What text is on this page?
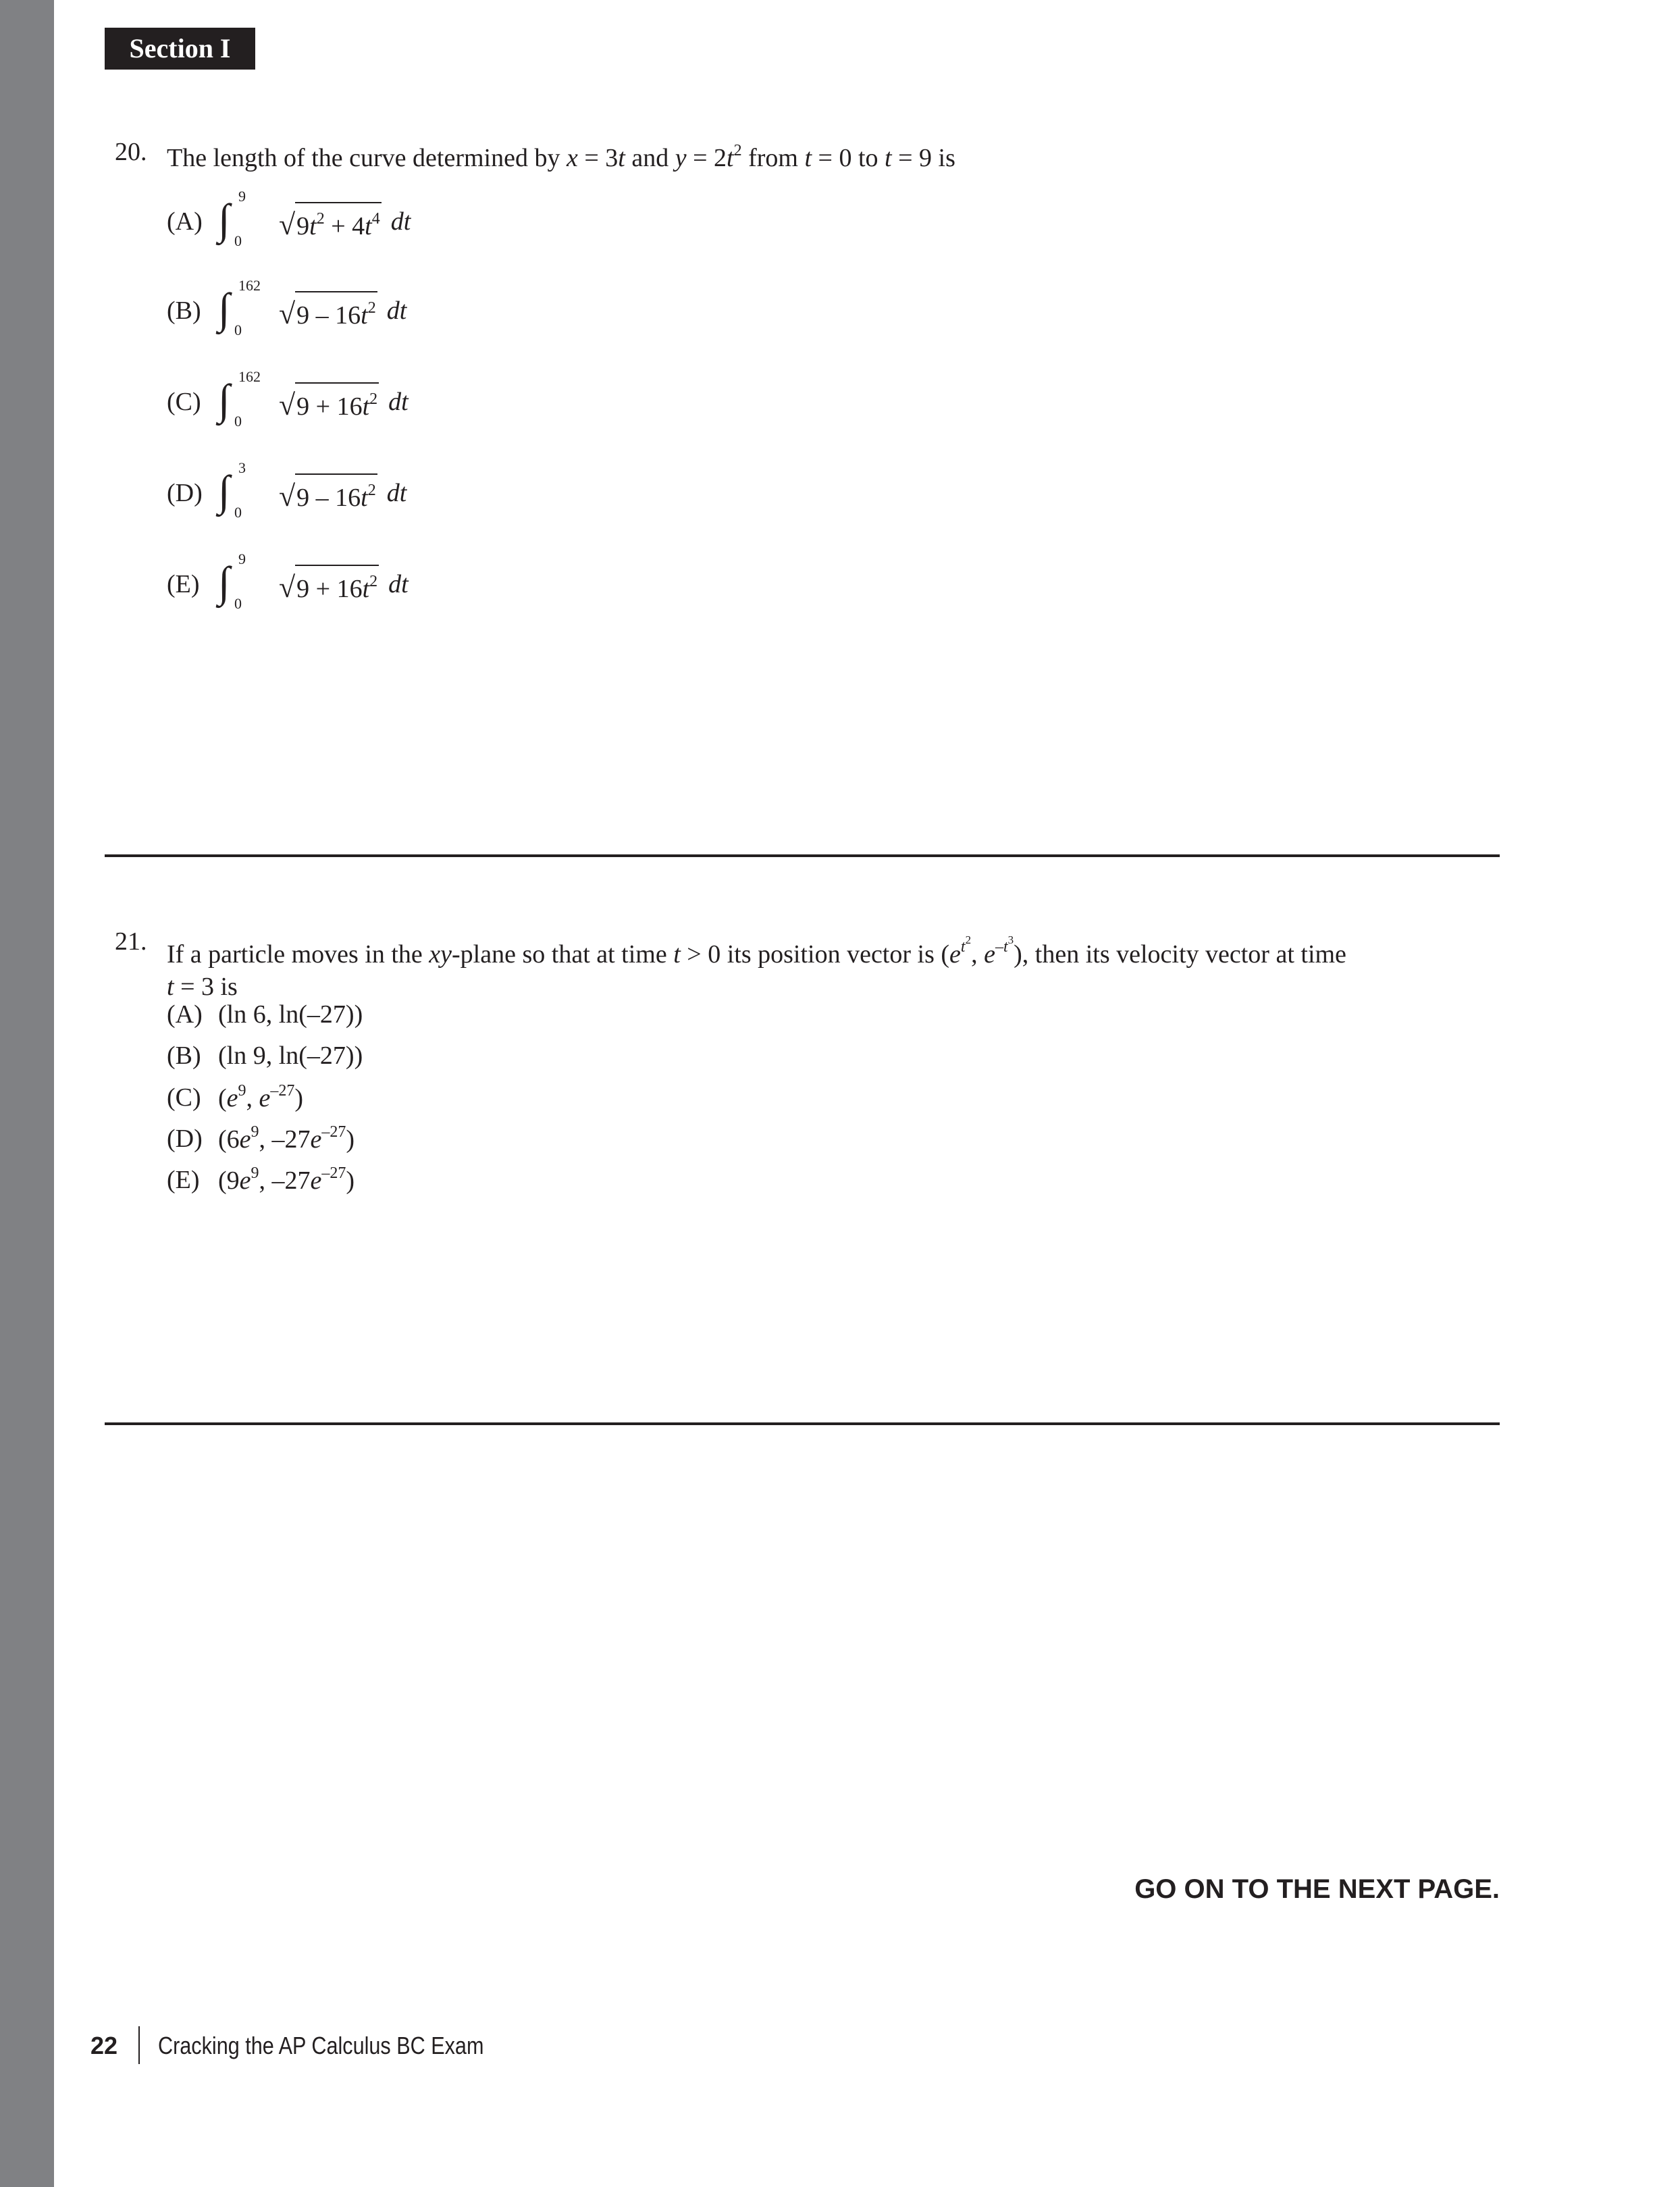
Section I
20. The length of the curve determined by x = 3t and $y = 2t^2$ from t = 0 to t = 9 is
(A) ∫ 9
0 √ $9t^2 + 4t^4$ dt
(B) ∫ 162
0 √ $9 - 16t^2$ dt
(C) ∫ 162
0 √ $9 + 16t^2$ dt
(D) ∫ 3
0 √ $9 - 16t^2$ dt
(E) ∫ 9
0 √ $9 + 16t^2$ dt
21. If a particle moves in the xy-plane so that at time t > 0 its position vector is ($e^{t2}$, $e^{-t3}$), then its velocity vector at time
t = 3 is
(A) (ln 6, ln(–27))
(B) (ln 9, ln(–27))
(C) ($e^9$, $e^{-27}$)
(D) ($6e^9$, $-27e^{-27}$)
(E) ($9e^9$, $-27e^{-27}$)
GO ON TO THE NEXT PAGE.
22 Cracking the AP Calculus BC Exam
